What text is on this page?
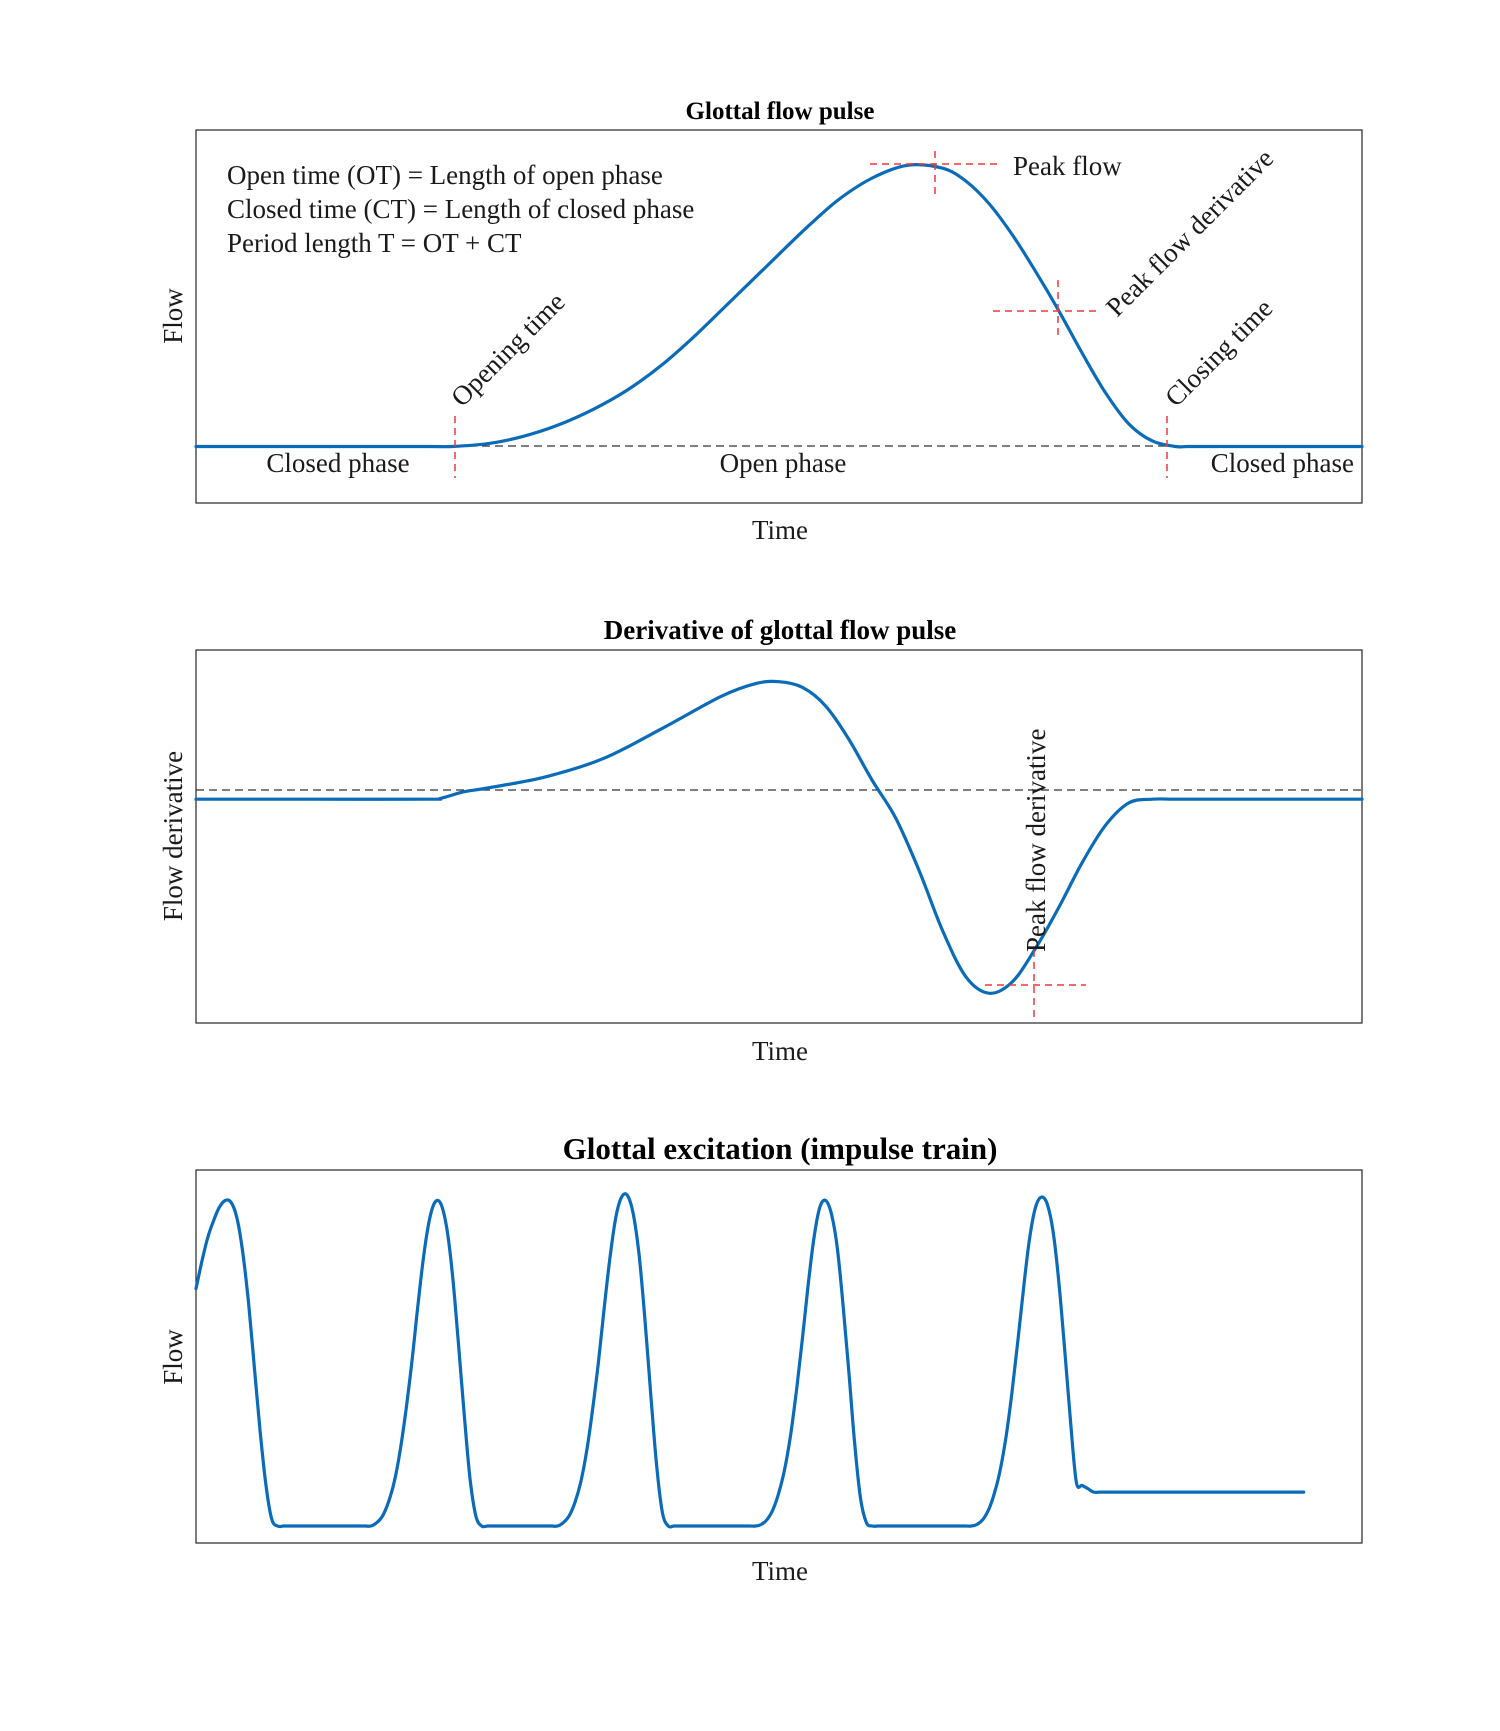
Glottal flow pulse
Peak flow
Peak flow derivative
Opening time	Closing time
Closed phase	Open phase	Closed phase
Open time (OT) = Length of open phase
Closed time (CT) = Length of closed phase
Period length T = OT + CT
Time
Flow
Derivative of glottal flow pulse
Peak flow derivative
Time
Flow derivative
Glottal excitation (impulse train)
Time
Flow
